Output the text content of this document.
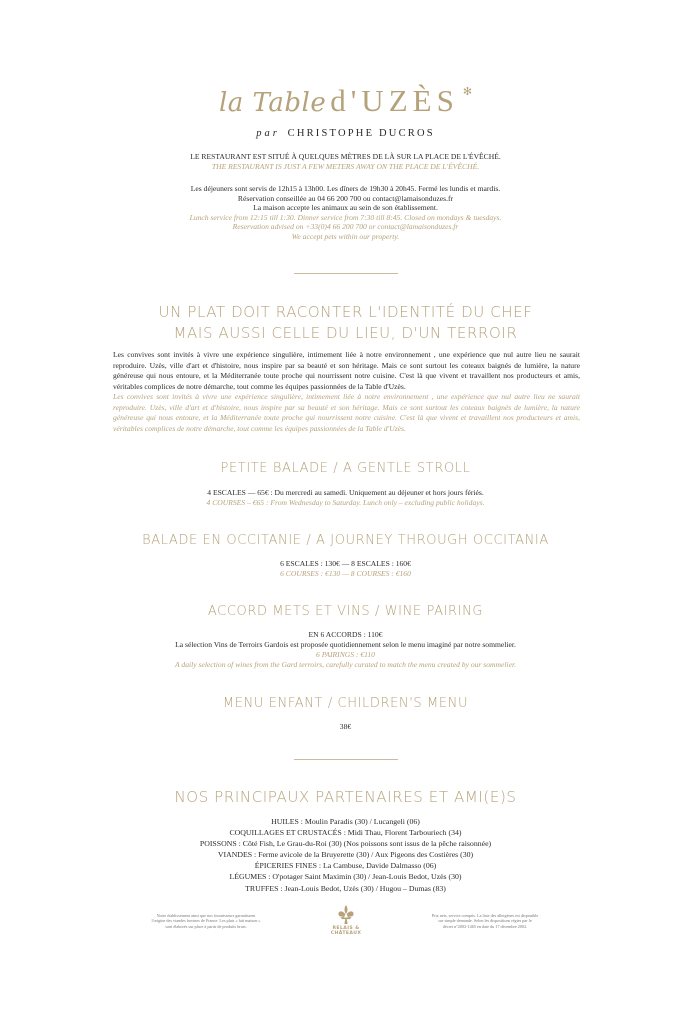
la Table d'UZÈS ✻
par CHRISTOPHE DUCROS
LE RESTAURANT EST SITUÉ À QUELQUES MÈTRES DE LÀ SUR LA PLACE DE L'ÉVÊCHÉ.
THE RESTAURANT IS JUST A FEW METERS AWAY ON THE PLACE DE L'ÉVÊCHÉ.
Les déjeuners sont servis de 12h15 à 13h00. Les dîners de 19h30 à 20h45. Fermé les lundis et mardis.
Réservation conseillée au 04 66 200 700 ou contact@lamaisonduzes.fr
La maison accepte les animaux au sein de son établissement.
Lunch service from 12:15 till 1:30. Dinner service from 7:30 till 8:45. Closed on mondays & tuesdays.
Reservation advised on +33(0)4 66 200 700 or contact@lamaisonduzes.fr
We accept pets within our property.
UN PLAT DOIT RACONTER L'IDENTITÉ DU CHEF
MAIS AUSSI CELLE DU LIEU, D'UN TERROIR
Les convives sont invités à vivre une expérience singulière, intimement liée à notre environnement , une expérience que nul autre lieu ne saurait reproduire. Uzès, ville d'art et d'histoire, nous inspire par sa beauté et son héritage. Mais ce sont surtout les coteaux baignés de lumière, la nature généreuse qui nous entoure, et la Méditerranée toute proche qui nourrissent notre cuisine. C'est là que vivent et travaillent nos producteurs et amis, véritables complices de notre démarche, tout comme les équipes passionnées de la Table d'Uzès.
Les convives sont invités à vivre une expérience singulière, intimement liée à notre environnement , une expérience que nul autre lieu ne saurait reproduire. Uzès, ville d'art et d'histoire, nous inspire par sa beauté et son héritage. Mais ce sont surtout les coteaux baignés de lumière, la nature généreuse qui nous entoure, et la Méditerranée toute proche qui nourrissent notre cuisine. C'est là que vivent et travaillent nos producteurs et amis, véritables complices de notre démarche, tout comme les équipes passionnées de la Table d'Uzès.
PETITE BALADE / A GENTLE STROLL
4 ESCALES — 65€ : Du mercredi au samedi. Uniquement au déjeuner et hors jours fériés.
4 COURSES – €65 : From Wednesday to Saturday. Lunch only – excluding public holidays.
BALADE EN OCCITANIE / A JOURNEY THROUGH OCCITANIA
6 ESCALES : 130€ — 8 ESCALES : 160€
6 COURSES : €130 — 8 COURSES : €160
ACCORD METS ET VINS / WINE PAIRING
EN 6 ACCORDS : 110€
La sélection Vins de Terroirs Gardois est proposée quotidiennement selon le menu imaginé par notre sommelier.
6 PAIRINGS : €110
A daily selection of wines from the Gard terroirs, carefully curated to match the menu created by our sommelier.
MENU ENFANT / CHILDREN'S MENU
38€
NOS PRINCIPAUX PARTENAIRES ET AMI(E)S
HUILES : Moulin Paradis (30) / Lucangeli (06)
COQUILLAGES ET CRUSTACÉS : Midi Thau, Florent Tarbouriech (34)
POISSONS : Côté Fish, Le Grau-du-Roi (30) (Nos poissons sont issus de la pêche raisonnée)
VIANDES : Ferme avicole de la Bruyerette (30) / Aux Pigeons des Costières (30)
ÉPICERIES FINES : La Cambuse, Davide Dalmasso (06)
LÉGUMES : O'potager Saint Maximin (30) / Jean-Louis Bedot, Uzès (30)
TRUFFES : Jean-Louis Bedot, Uzès (30) / Hugou – Dumas (83)
Notre établissement ainsi que nos fournisseurs garantissent
l'origine des viandes bovines de France. Les plats « fait maison »
sont élaborés sur place à partir de produits bruts.	RELAIS &
CHÂTEAUX
Prix nets, service compris. La liste des allergènes est disponible
sur simple demande. Selon les dispositions régies par le
décret n°2002-1465 en date du 17 décembre 2002.
